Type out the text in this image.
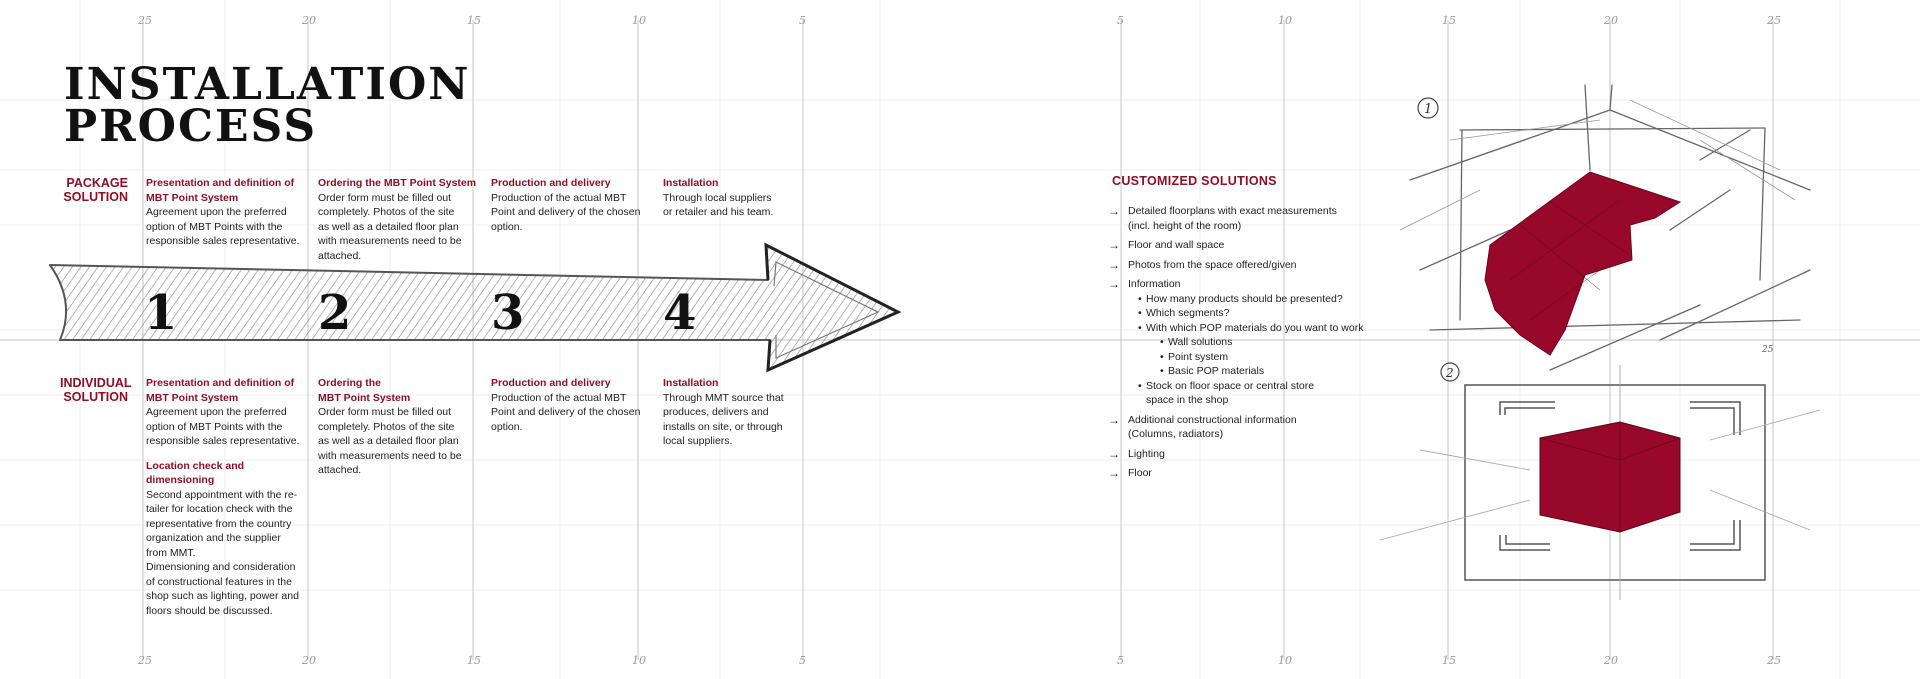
25	20	15	10	5	5	10	15	20	25
25	20	15	10	5	5	10	15	20	25
INSTALLATION
PROCESS
1	2	3	4
PACKAGE
SOLUTION
Presentation and definition of
MBT Point System
Agreement upon the preferred
option of MBT Points with the
responsible sales representative.
Ordering the MBT Point System
Order form must be filled out
completely. Photos of the site
as well as a detailed floor plan
with measurements need to be
attached.
Production and delivery
Production of the actual MBT
Point and delivery of the chosen
option.
Installation
Through local suppliers
or retailer and his team.
INDIVIDUAL
SOLUTION
Presentation and definition of
MBT Point System
Agreement upon the preferred
option of MBT Points with the
responsible sales representative.
Location check and dimensioning
Second appointment with the re-
tailer for location check with the
representative from the country
organization and the supplier
from MMT.
Dimensioning and consideration
of constructional features in the
shop such as lighting, power and
floors should be discussed.
Ordering the
MBT Point System
Order form must be filled out
completely. Photos of the site
as well as a detailed floor plan
with measurements need to be
attached.
Production and delivery
Production of the actual MBT
Point and delivery of the chosen
option.
Installation
Through MMT source that
produces, delivers and
installs on site, or through
local suppliers.
CUSTOMIZED SOLUTIONS
→ Detailed floorplans with exact measurements
(incl. height of the room)
→ Floor and wall space
→ Photos from the space offered/given
→ Information
• How many products should be presented?
• Which segments?
• With which POP materials do you want to work
• Wall solutions
• Point system
• Basic POP materials
• Stock on floor space or central store
space in the shop
→ Additional constructional information
(Columns, radiators)
→ Lighting
→ Floor
1
25
2
